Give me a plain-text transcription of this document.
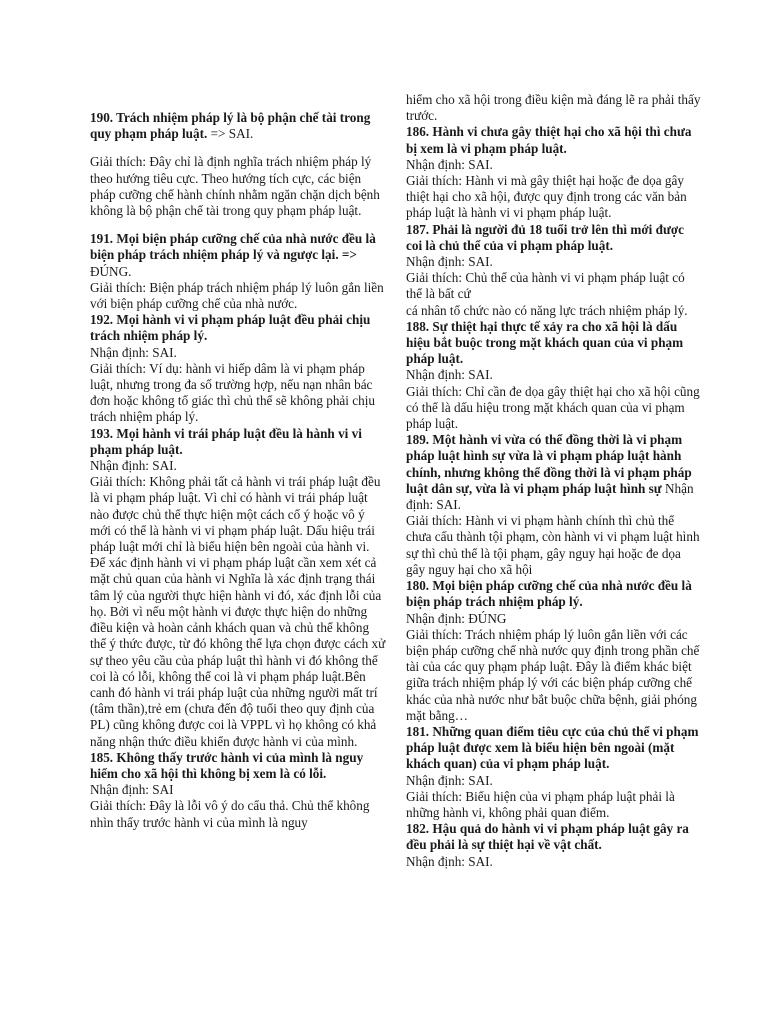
190. Trách nhiệm pháp lý là bộ phận chế tài trong quy phạm pháp luật. => SAI.

Giải thích: Đây chỉ là định nghĩa trách nhiệm pháp lý theo hướng tiêu cực. Theo hướng tích cực, các biện pháp cưỡng chế hành chính nhằm ngăn chặn dịch bệnh không là bộ phận chế tài trong quy phạm pháp luật.

191. Mọi biện pháp cưỡng chế của nhà nước đều là biện pháp trách nhiệm pháp lý và ngược lại. => ĐÚNG.

Giải thích: Biện pháp trách nhiệm pháp lý luôn gắn liền với biện pháp cưỡng chế của nhà nước.

192. Mọi hành vi vi phạm pháp luật đều phải chịu trách nhiệm pháp lý.

Nhận định: SAI.

Giải thích: Ví dụ: hành vi hiếp dâm là vi phạm pháp luật, nhưng trong đa số trường hợp, nếu nạn nhân bác đơn hoặc không tố giác thì chủ thể sẽ không phải chịu trách nhiệm pháp lý.

193. Mọi hành vi trái pháp luật đều là hành vi vi phạm pháp luật.

Nhận định: SAI.

Giải thích: Không phải tất cả hành vi trái pháp luật đều là vi phạm pháp luật. Vì chỉ có hành vi trái pháp luật nào được chủ thể thực hiện một cách cố ý hoặc vô ý mới có thể là hành vi vi phạm pháp luật. Dấu hiệu trái pháp luật mới chỉ là biểu hiện bên ngoài của hành vi. Để xác định hành vi vi phạm pháp luật cần xem xét cả mặt chủ quan của hành vi Nghĩa là xác định trạng thái tâm lý của người thực hiện hành vi đó, xác định lỗi của họ. Bởi vì nếu một hành vi được thực hiện do những điều kiện và hoàn cảnh khách quan và chủ thể không thể ý thức được, từ đó không thể lựa chọn được cách xử sự theo yêu cầu của pháp luật thì hành vi đó không thể coi là có lỗi, không thể coi là vi phạm pháp luật.Bên canh đó hành vi trái pháp luật của những người mất trí (tâm thần),trẻ em (chưa đến độ tuổi theo quy định của PL) cũng không được coi là VPPL vì họ không có khả năng nhận thức điều khiển được hành vi của mình.

185. Không thấy trước hành vi của mình là nguy hiểm cho xã hội thì không bị xem là có lỗi.

Nhận định: SAI

Giải thích: Đây là lỗi vô ý do cẩu thả. Chủ thể không nhìn thấy trước hành vi của mình là nguy

hiểm cho xã hội trong điều kiện mà đáng lẽ ra phải thấy trước.

186. Hành vi chưa gây thiệt hại cho xã hội thì chưa bị xem là vi phạm pháp luật.

Nhận định: SAI.

Giải thích: Hành vi mà gây thiệt hại hoặc đe dọa gây thiệt hại cho xã hội, được quy định trong các văn bản pháp luật là hành vi vi phạm pháp luật.

187. Phải là người đủ 18 tuổi trở lên thì mới được coi là chủ thể của vi phạm pháp luật.

Nhận định: SAI.

Giải thích: Chủ thể của hành vi vi phạm pháp luật có thể là bất cứ

cá nhân tổ chức nào có năng lực trách nhiệm pháp lý.

188. Sự thiệt hại thực tế xảy ra cho xã hội là dấu hiệu bắt buộc trong mặt khách quan của vi phạm pháp luật.

Nhận định: SAI.

Giải thích: Chỉ cần đe dọa gây thiệt hại cho xã hội cũng có thể là dấu hiệu trong mặt khách quan của vi phạm pháp luật.

189. Một hành vi vừa có thể đồng thời là vi phạm pháp luật hình sự vừa là vi phạm pháp luật hành chính, nhưng không thể đồng thời là vi phạm pháp luật dân sự, vừa là vi phạm pháp luật hình sự Nhận định: SAI.

Giải thích: Hành vi vi phạm hành chính thì chủ thể chưa cấu thành tội phạm, còn hành vi vi phạm luật hình sự thì chủ thể là tội phạm, gây nguy hại hoặc đe dọa gây nguy hại cho xã hội

180. Mọi biện pháp cưỡng chế của nhà nước đều là biện pháp trách nhiệm pháp lý.

Nhận định: ĐÚNG

Giải thích: Trách nhiệm pháp lý luôn gắn liền với các biện pháp cưỡng chế nhà nước quy định trong phần chế tài của các quy phạm pháp luật. Đây là điểm khác biệt giữa trách nhiệm pháp lý với các biện pháp cưỡng chế khác của nhà nước như bắt buộc chữa bệnh, giải phóng mặt bằng…

181. Những quan điểm tiêu cực của chủ thể vi phạm pháp luật được xem là biểu hiện bên ngoài (mặt khách quan) của vi phạm pháp luật.

Nhận định: SAI.

Giải thích: Biểu hiện của vi phạm pháp luật phải là những hành vi, không phải quan điểm.

182. Hậu quả do hành vi vi phạm pháp luật gây ra đều phải là sự thiệt hại về vật chất.

Nhận định: SAI.
